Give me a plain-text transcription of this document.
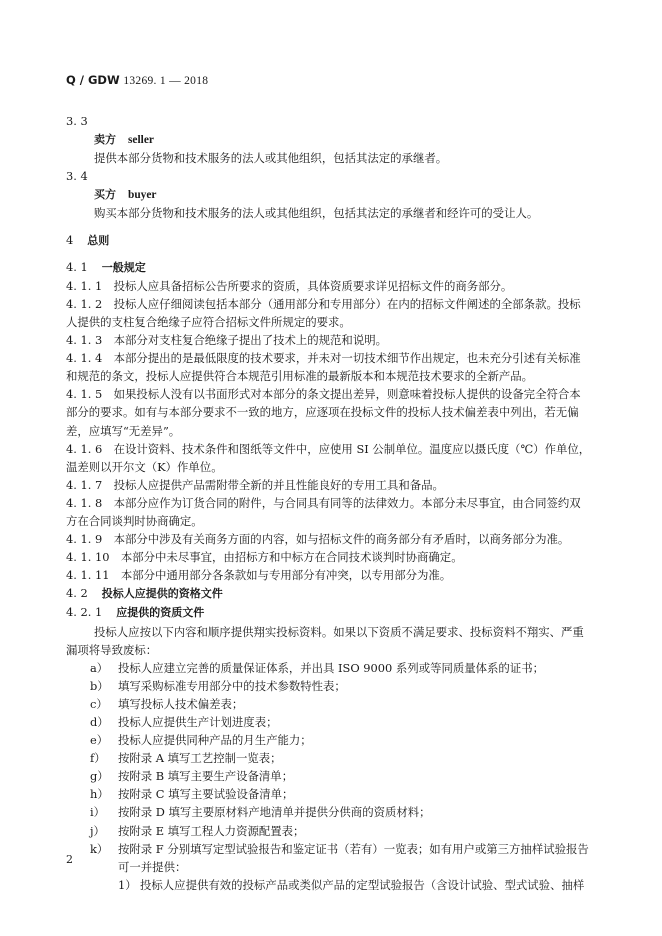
Q / GDW 13269. 1 — 2018
3. 3
卖方 seller
提供本部分货物和技术服务的法人或其他组织，包括其法定的承继者。
3. 4
买方 buyer
购买本部分货物和技术服务的法人或其他组织，包括其法定的承继者和经许可的受让人。
4 总则
4. 1 一般规定
4. 1. 1　投标人应具备招标公告所要求的资质，具体资质要求详见招标文件的商务部分。
4. 1. 2　投标人应仔细阅读包括本部分（通用部分和专用部分）在内的招标文件阐述的全部条款。投标
人提供的支柱复合绝缘子应符合招标文件所规定的要求。
4. 1. 3　本部分对支柱复合绝缘子提出了技术上的规范和说明。
4. 1. 4　本部分提出的是最低限度的技术要求，并未对一切技术细节作出规定，也未充分引述有关标准
和规范的条文，投标人应提供符合本规范引用标准的最新版本和本规范技术要求的全新产品。
4. 1. 5　如果投标人没有以书面形式对本部分的条文提出差异，则意味着投标人提供的设备完全符合本
部分的要求。如有与本部分要求不一致的地方，应逐项在投标文件的投标人技术偏差表中列出，若无偏
差，应填写“无差异”。
4. 1. 6　在设计资料、技术条件和图纸等文件中，应使用 SI 公制单位。温度应以摄氏度（℃）作单位，
温差则以开尔文（K）作单位。
4. 1. 7　投标人应提供产品需附带全新的并且性能良好的专用工具和备品。
4. 1. 8　本部分应作为订货合同的附件，与合同具有同等的法律效力。本部分未尽事宜，由合同签约双
方在合同谈判时协商确定。
4. 1. 9　本部分中涉及有关商务方面的内容，如与招标文件的商务部分有矛盾时，以商务部分为准。
4. 1. 10　本部分中未尽事宜，由招标方和中标方在合同技术谈判时协商确定。
4. 1. 11　本部分中通用部分各条款如与专用部分有冲突，以专用部分为准。
4. 2 投标人应提供的资格文件
4. 2. 1 应提供的资质文件
投标人应按以下内容和顺序提供翔实投标资料。如果以下资质不满足要求、投标资料不翔实、严重
漏项将导致废标：
a） 投标人应建立完善的质量保证体系，并出具 ISO 9000 系列或等同质量体系的证书；
b） 填写采购标准专用部分中的技术参数特性表；
c） 填写投标人技术偏差表；
d） 投标人应提供生产计划进度表；
e） 投标人应提供同种产品的月生产能力；
f） 按附录 A 填写工艺控制一览表；
g） 按附录 B 填写主要生产设备清单；
h） 按附录 C 填写主要试验设备清单；
i） 按附录 D 填写主要原材料产地清单并提供分供商的资质材料；
j） 按附录 E 填写工程人力资源配置表；
k） 按附录 F 分别填写定型试验报告和鉴定证书（若有）一览表；如有用户或第三方抽样试验报告
可一并提供：
1） 投标人应提供有效的投标产品或类似产品的定型试验报告（含设计试验、型式试验、抽样
2
